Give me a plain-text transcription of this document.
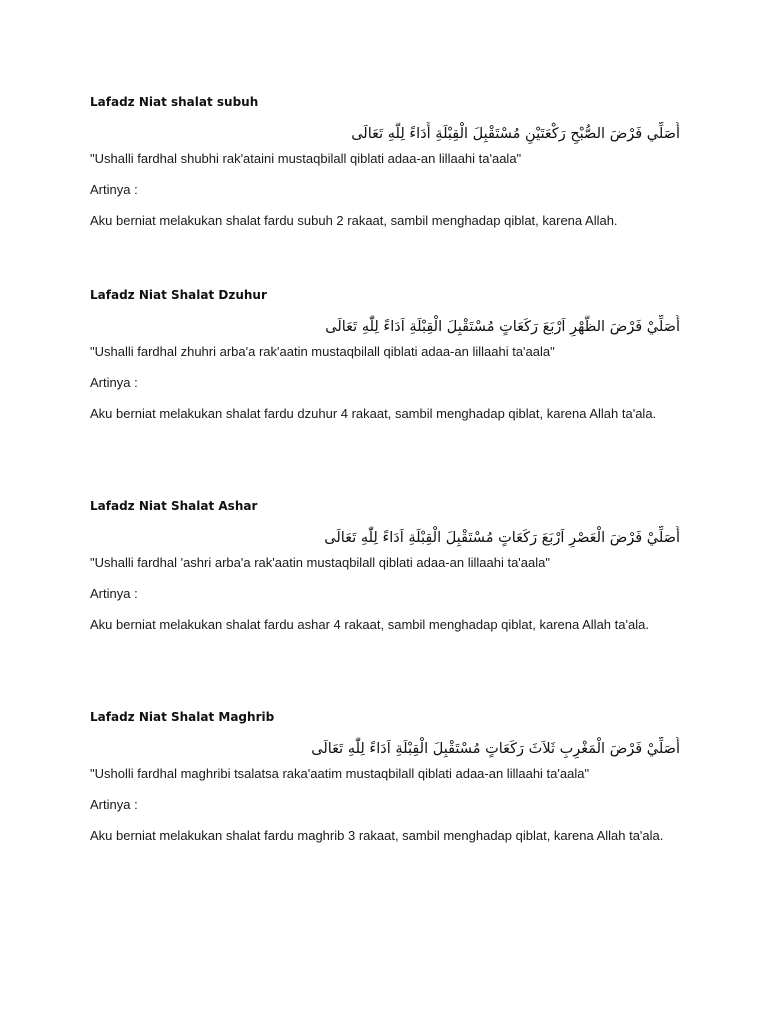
Lafadz Niat shalat subuh

أُصَلِّي فَرْضَ الصُّبْحِ رَكْعَتَيْنِ مُسْتَقْبِلَ الْقِبْلَةِ أَدَاءً لِلَّهِ تَعَالَى

"Ushalli fardhal shubhi rak'ataini mustaqbilall qiblati adaa-an lillaahi ta'aala"

Artinya :

Aku berniat melakukan shalat fardu subuh 2 rakaat, sambil menghadap qiblat, karena Allah.

Lafadz Niat Shalat Dzuhur

أُصَلِّيْ فَرْضَ الظُّهْرِ اَرْبَعَ رَكَعَاتٍ مُسْتَقْبِلَ الْقِبْلَةِ اَدَاءً لِلّٰهِ تَعَالَى

"Ushalli fardhal zhuhri arba'a rak'aatin mustaqbilall qiblati adaa-an lillaahi ta'aala"

Artinya :

Aku berniat melakukan shalat fardu dzuhur 4 rakaat, sambil menghadap qiblat, karena Allah ta'ala.

Lafadz Niat Shalat Ashar

أُصَلِّيْ فَرْضَ الْعَصْرِ اَرْبَعَ رَكَعَاتٍ مُسْتَقْبِلَ الْقِبْلَةِ اَدَاءً لِلّٰهِ تَعَالَى

"Ushalli fardhal 'ashri arba'a rak'aatin mustaqbilall qiblati adaa-an lillaahi ta'aala"

Artinya :

Aku berniat melakukan shalat fardu ashar 4 rakaat, sambil menghadap qiblat, karena Allah ta'ala.

Lafadz Niat Shalat Maghrib

أُصَلِّيْ فَرْضَ الْمَغْرِبِ ثَلاَثَ رَكَعَاتٍ مُسْتَقْبِلَ الْقِبْلَةِ اَدَاءً لِلّٰهِ تَعَالَى

"Usholli fardhal maghribi tsalatsa raka'aatim mustaqbilall qiblati adaa-an lillaahi ta'aala"

Artinya :

Aku berniat melakukan shalat fardu maghrib 3 rakaat, sambil menghadap qiblat, karena Allah ta'ala.
